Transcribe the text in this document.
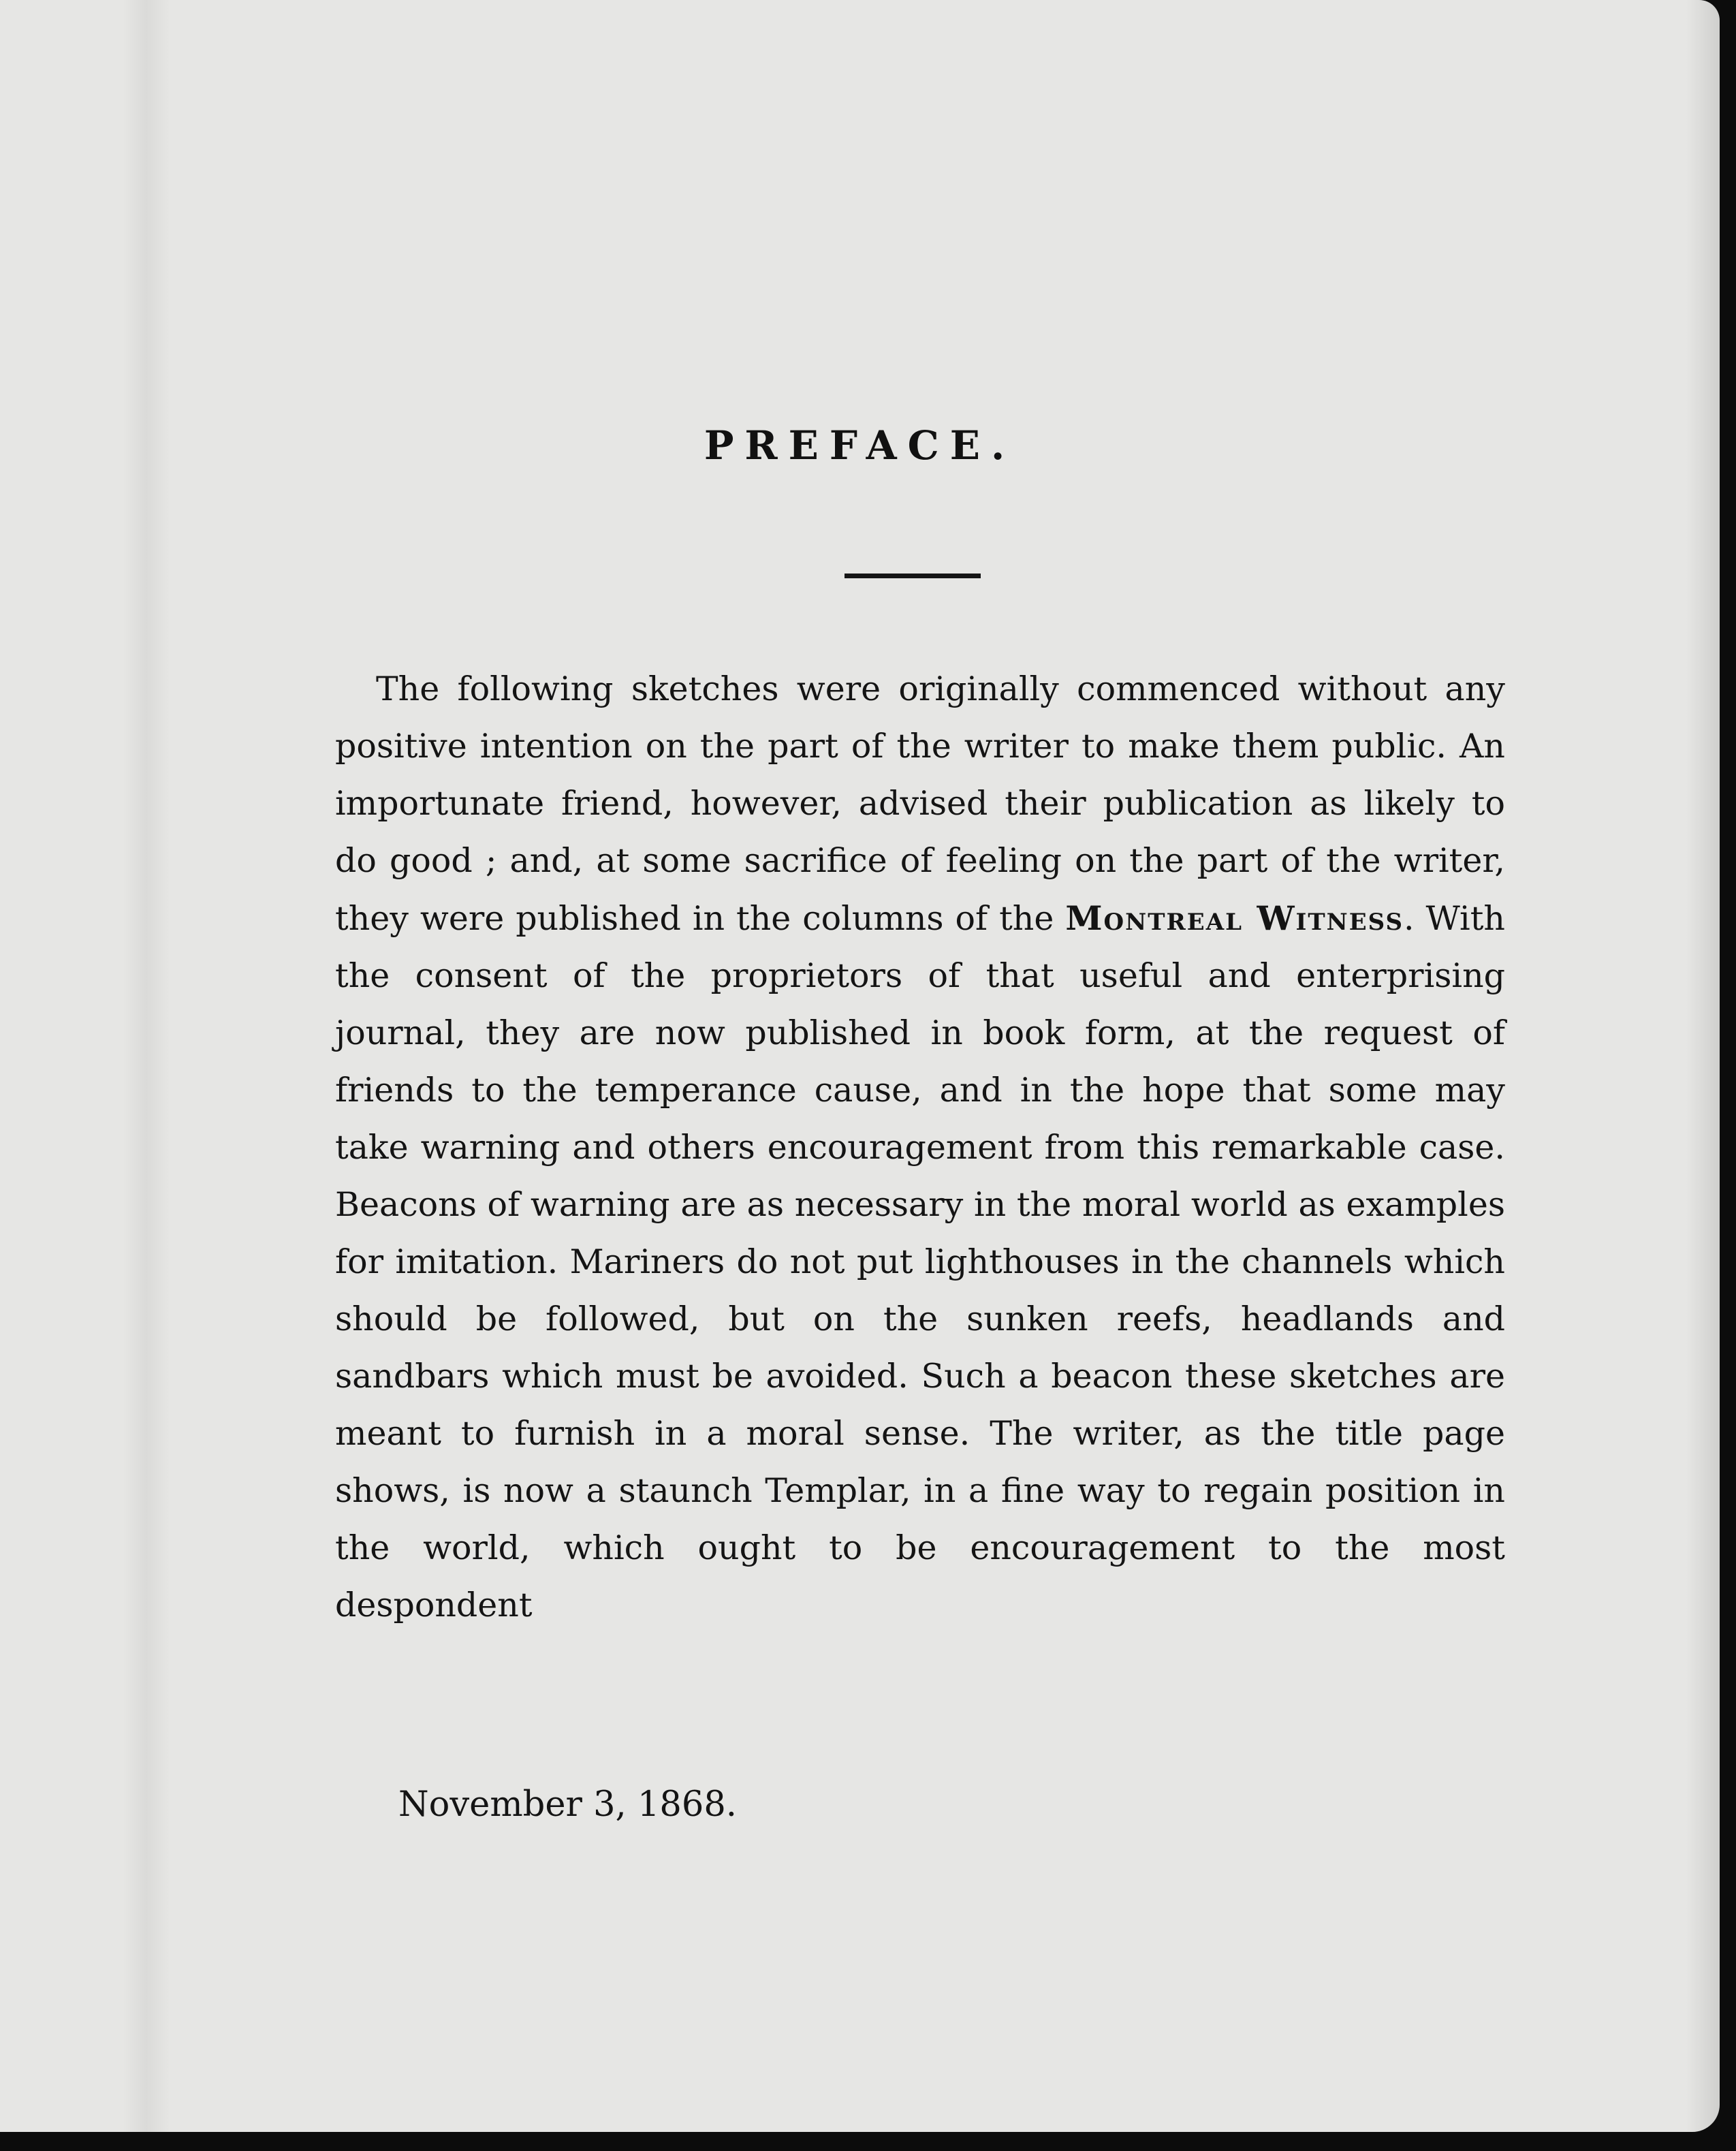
PREFACE.

The following sketches were originally commenced without any positive intention on the part of the writer to make them public. An importunate friend, however, advised their publication as likely to do good ; and, at some sacrifice of feeling on the part of the writer, they were published in the columns of the Montreal Witness. With the consent of the proprietors of that useful and enterprising journal, they are now published in book form, at the request of friends to the temperance cause, and in the hope that some may take warning and others encouragement from this remarkable case. Beacons of warning are as necessary in the moral world as examples for imitation. Mariners do not put lighthouses in the channels which should be followed, but on the sunken reefs, headlands and sandbars which must be avoided. Such a beacon these sketches are meant to furnish in a moral sense. The writer, as the title page shows, is now a staunch Templar, in a fine way to regain position in the world, which ought to be encouragement to the most despondent

November 3, 1868.
